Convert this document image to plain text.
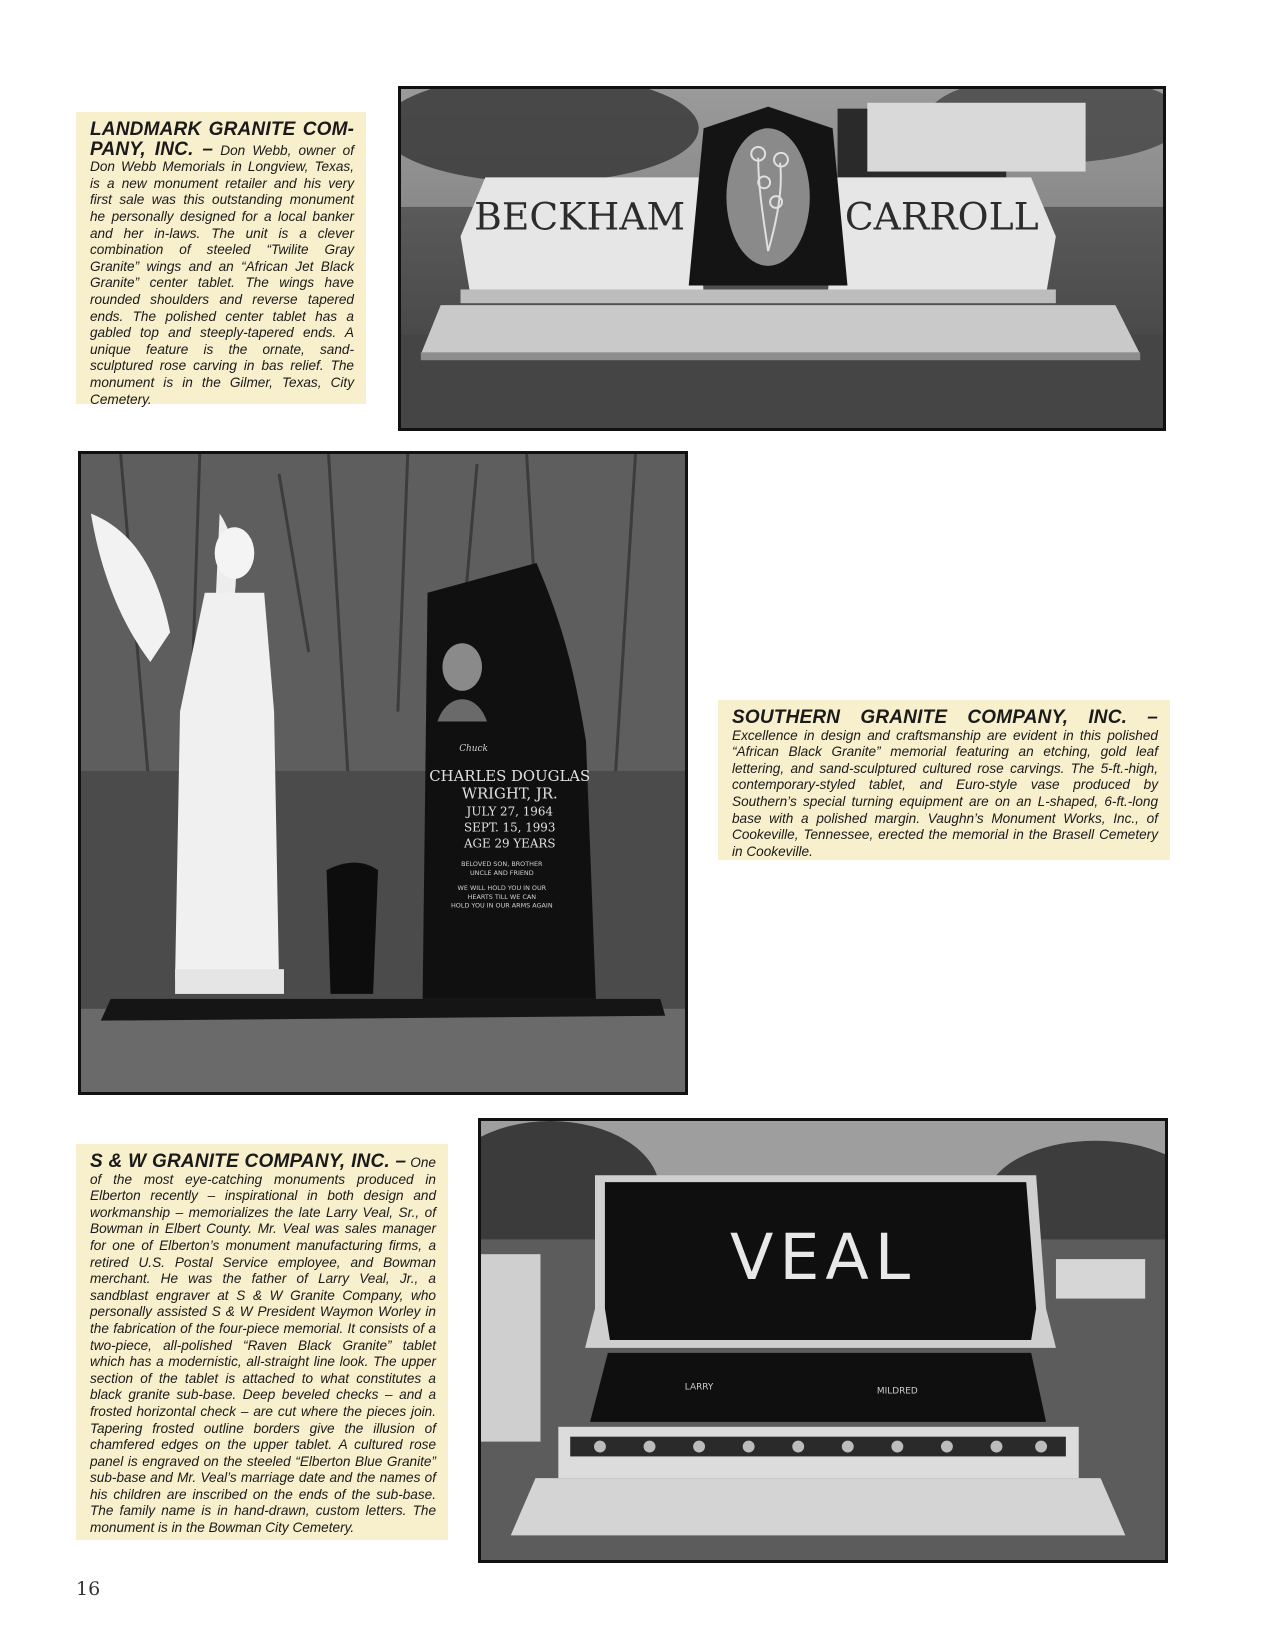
LANDMARK GRANITE COMPANY, INC. – Don Webb, owner of Don Webb Memorials in Longview, Texas, is a new monument retailer and his very first sale was this outstanding monument he personally designed for a local banker and her in-laws. The unit is a clever combination of steeled “Twilite Gray Granite” wings and an “African Jet Black Granite” center tablet. The wings have rounded shoulders and reverse tapered ends. The polished center tablet has a gabled top and steeply-tapered ends. A unique feature is the ornate, sand-sculptured rose carving in bas relief. The monument is in the Gilmer, Texas, City Cemetery.
BECKHAM	CARROLL
Chuck
CHARLES DOUGLAS
WRIGHT, JR.
JULY 27, 1964
SEPT. 15, 1993
AGE 29 YEARS
BELOVED SON, BROTHER
UNCLE AND FRIEND
WE WILL HOLD YOU IN OUR
HEARTS TILL WE CAN
HOLD YOU IN OUR ARMS AGAIN
SOUTHERN GRANITE COMPANY, INC. – Excellence in design and craftsmanship are evident in this polished “African Black Granite” memorial featuring an etching, gold leaf lettering, and sand-sculptured cultured rose carvings. The 5-ft.-high, contemporary-styled tablet, and Euro-style vase produced by Southern’s special turning equipment are on an L-shaped, 6-ft.-long base with a polished margin. Vaughn’s Monument Works, Inc., of Cookeville, Tennessee, erected the memorial in the Brasell Cemetery in Cookeville.
S & W GRANITE COMPANY, INC. – One of the most eye-catching monuments produced in Elberton recently – inspirational in both design and workmanship – memorializes the late Larry Veal, Sr., of Bowman in Elbert County. Mr. Veal was sales manager for one of Elberton’s monument manufacturing firms, a retired U.S. Postal Service employee, and Bowman merchant. He was the father of Larry Veal, Jr., a sandblast engraver at S & W Granite Company, who personally assisted S & W President Waymon Worley in the fabrication of the four-piece memorial. It consists of a two-piece, all-polished “Raven Black Granite” tablet which has a modernistic, all-straight line look. The upper section of the tablet is attached to what constitutes a black granite sub-base. Deep beveled checks – and a frosted horizontal check – are cut where the pieces join. Tapering frosted outline borders give the illusion of chamfered edges on the upper tablet. A cultured rose panel is engraved on the steeled “Elberton Blue Granite” sub-base and Mr. Veal’s marriage date and the names of his children are inscribed on the ends of the sub-base. The family name is in hand-drawn, custom letters. The monument is in the Bowman City Cemetery.
VEAL
LARRY	MILDRED
16
